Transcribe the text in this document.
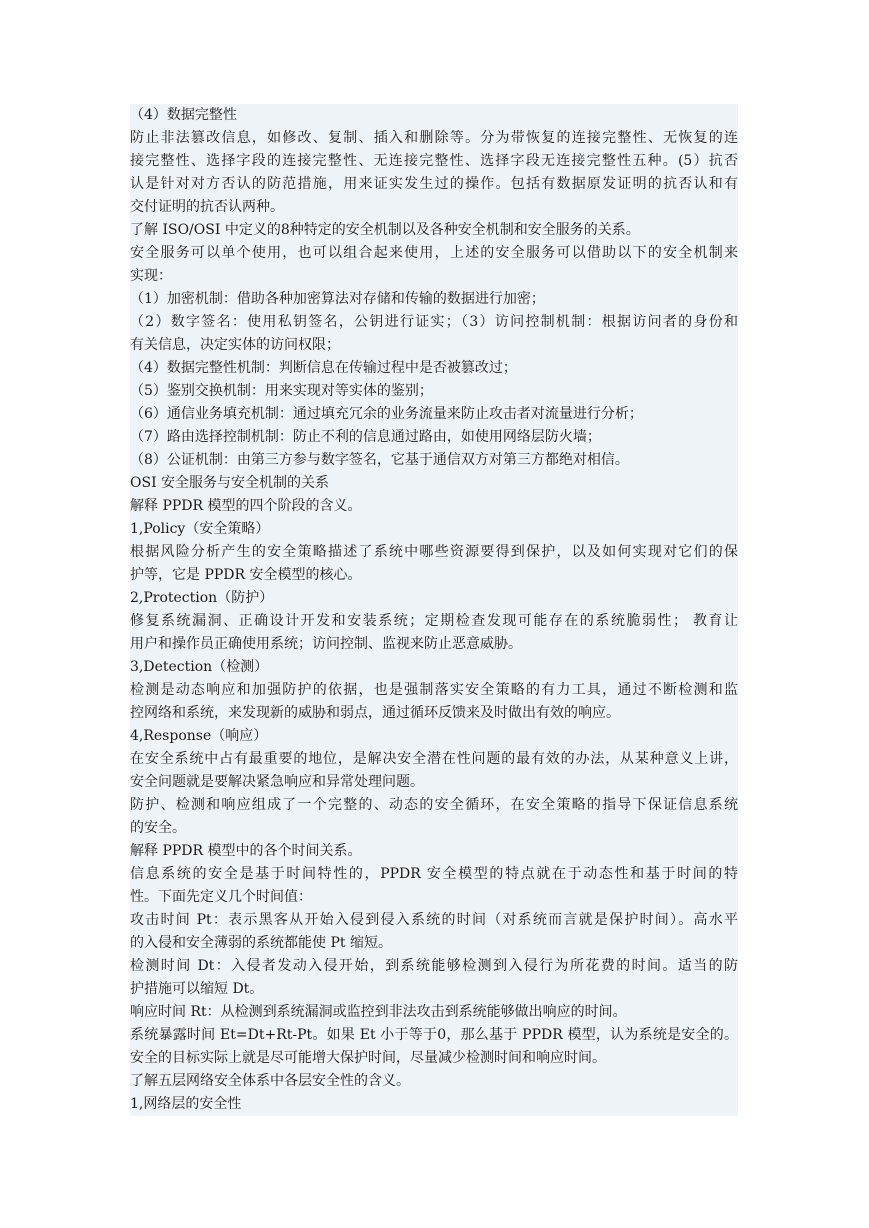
（4）数据完整性
防止非法篡改信息，如修改、复制、插入和删除等。分为带恢复的连接完整性、无恢复的连
接完整性、选择字段的连接完整性、无连接完整性、选择字段无连接完整性五种。(5）抗否
认是针对对方否认的防范措施，用来证实发生过的操作。包括有数据原发证明的抗否认和有
交付证明的抗否认两种。
了解 ISO/OSI 中定义的8种特定的安全机制以及各种安全机制和安全服务的关系。
安全服务可以单个使用，也可以组合起来使用，上述的安全服务可以借助以下的安全机制来
实现：
（1）加密机制：借助各种加密算法对存储和传输的数据进行加密；
（2）数字签名：使用私钥签名，公钥进行证实；（3）访问控制机制：根据访问者的身份和
有关信息，决定实体的访问权限；
（4）数据完整性机制：判断信息在传输过程中是否被篡改过；
（5）鉴别交换机制：用来实现对等实体的鉴别；
（6）通信业务填充机制：通过填充冗余的业务流量来防止攻击者对流量进行分析；
（7）路由选择控制机制：防止不利的信息通过路由，如使用网络层防火墙；
（8）公证机制：由第三方参与数字签名，它基于通信双方对第三方都绝对相信。
OSI 安全服务与安全机制的关系
解释 PPDR 模型的四个阶段的含义。
1,Policy（安全策略）
根据风险分析产生的安全策略描述了系统中哪些资源要得到保护，以及如何实现对它们的保
护等，它是 PPDR 安全模型的核心。
2,Protection（防护）
修复系统漏洞、正确设计开发和安装系统；定期检查发现可能存在的系统脆弱性； 教育让
用户和操作员正确使用系统；访问控制、监视来防止恶意威胁。
3,Detection（检测）
检测是动态响应和加强防护的依据，也是强制落实安全策略的有力工具，通过不断检测和监
控网络和系统，来发现新的威胁和弱点，通过循环反馈来及时做出有效的响应。
4,Response（响应）
在安全系统中占有最重要的地位，是解决安全潜在性问题的最有效的办法，从某种意义上讲，
安全问题就是要解决紧急响应和异常处理问题。
防护、检测和响应组成了一个完整的、动态的安全循环，在安全策略的指导下保证信息系统
的安全。
解释 PPDR 模型中的各个时间关系。
信息系统的安全是基于时间特性的，PPDR 安全模型的特点就在于动态性和基于时间的特
性。下面先定义几个时间值：
攻击时间 Pt：表示黑客从开始入侵到侵入系统的时间（对系统而言就是保护时间）。高水平
的入侵和安全薄弱的系统都能使 Pt 缩短。
检测时间 Dt：入侵者发动入侵开始，到系统能够检测到入侵行为所花费的时间。适当的防
护措施可以缩短 Dt。
响应时间 Rt：从检测到系统漏洞或监控到非法攻击到系统能够做出响应的时间。
系统暴露时间 Et=Dt+Rt-Pt。如果 Et 小于等于0，那么基于 PPDR 模型，认为系统是安全的。
安全的目标实际上就是尽可能增大保护时间，尽量减少检测时间和响应时间。
了解五层网络安全体系中各层安全性的含义。
1,网络层的安全性
